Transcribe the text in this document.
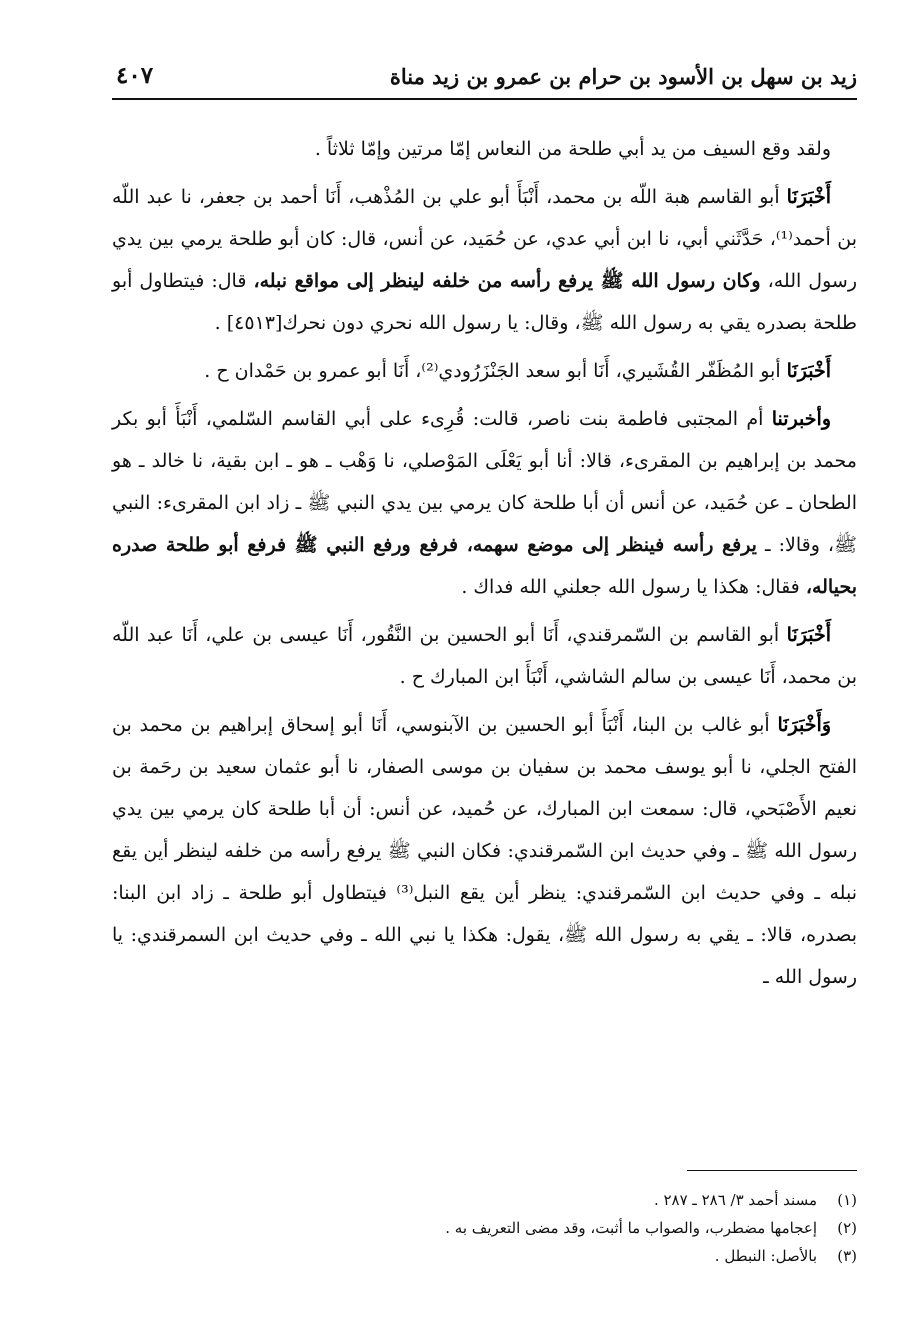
زيد بن سهل بن الأسود بن حرام بن عمرو بن زيد مناة
٤٠٧

ولقد وقع السيف من يد أبي طلحة من النعاس إمّا مرتين وإمّا ثلاثاً .

أَخْبَرَنَا أبو القاسم هبة اللّه بن محمد، أَنْبَأَ أبو علي بن المُذْهب، أَنَا أحمد بن جعفر، نا عبد اللّه بن أحمد⁽¹⁾، حَدَّثَني أبي، نا ابن أبي عدي، عن حُمَيد، عن أنس، قال: كان أبو طلحة يرمي بين يدي رسول الله، وكان رسول الله ﷺ يرفع رأسه من خلفه لينظر إلى مواقع نبله، قال: فيتطاول أبو طلحة بصدره يقي به رسول الله ﷺ، وقال: يا رسول الله نحري دون نحرك[٤٥١٣] .

أَخْبَرَنَا أبو المُظَفّر القُشَيري، أَنَا أبو سعد الجَنْزَرُودي⁽²⁾، أَنَا أبو عمرو بن حَمْدان ح .

وأخبرتنا أم المجتبى فاطمة بنت ناصر، قالت: قُرِىء على أبي القاسم السّلمي، أَنْبَأَ أبو بكر محمد بن إبراهيم بن المقرىء، قالا: أنا أبو يَعْلَى المَوْصلي، نا وَهْب ـ هو ـ ابن بقية، نا خالد ـ هو الطحان ـ عن حُمَيد، عن أنس أن أبا طلحة كان يرمي بين يدي النبي ﷺ ـ زاد ابن المقرىء: النبي ﷺ، وقالا: ـ يرفع رأسه فينظر إلى موضع سهمه، فرفع ورفع النبي ﷺ فرفع أبو طلحة صدره بحياله، فقال: هكذا يا رسول الله جعلني الله فداك .

أَخْبَرَنَا أبو القاسم بن السّمرقندي، أَنَا أبو الحسين بن النَّقُور، أَنَا عيسى بن علي، أَنَا عبد اللّه بن محمد، أَنَا عيسى بن سالم الشاشي، أَنْبَأَ ابن المبارك ح .

وَأَخْبَرَنَا أبو غالب بن البنا، أَنْبَأَ أبو الحسين بن الآبنوسي، أَنَا أبو إسحاق إبراهيم بن محمد بن الفتح الجلي، نا أبو يوسف محمد بن سفيان بن موسى الصفار، نا أبو عثمان سعيد بن رحَمة بن نعيم الأَصْبَحي، قال: سمعت ابن المبارك، عن حُميد، عن أنس: أن أبا طلحة كان يرمي بين يدي رسول الله ﷺ ـ وفي حديث ابن السّمرقندي: فكان النبي ﷺ يرفع رأسه من خلفه لينظر أين يقع نبله ـ وفي حديث ابن السّمرقندي: ينظر أين يقع النبل⁽³⁾ فيتطاول أبو طلحة ـ زاد ابن البنا: بصدره، قالا: ـ يقي به رسول الله ﷺ، يقول: هكذا يا نبي الله ـ وفي حديث ابن السمرقندي: يا رسول الله ـ

(١)مسند أحمد ٣/ ٢٨٦ ـ ٢٨٧ .
(٢)إعجامها مضطرب، والصواب ما أثبت، وقد مضى التعريف به .
(٣)بالأصل: النبطل .
